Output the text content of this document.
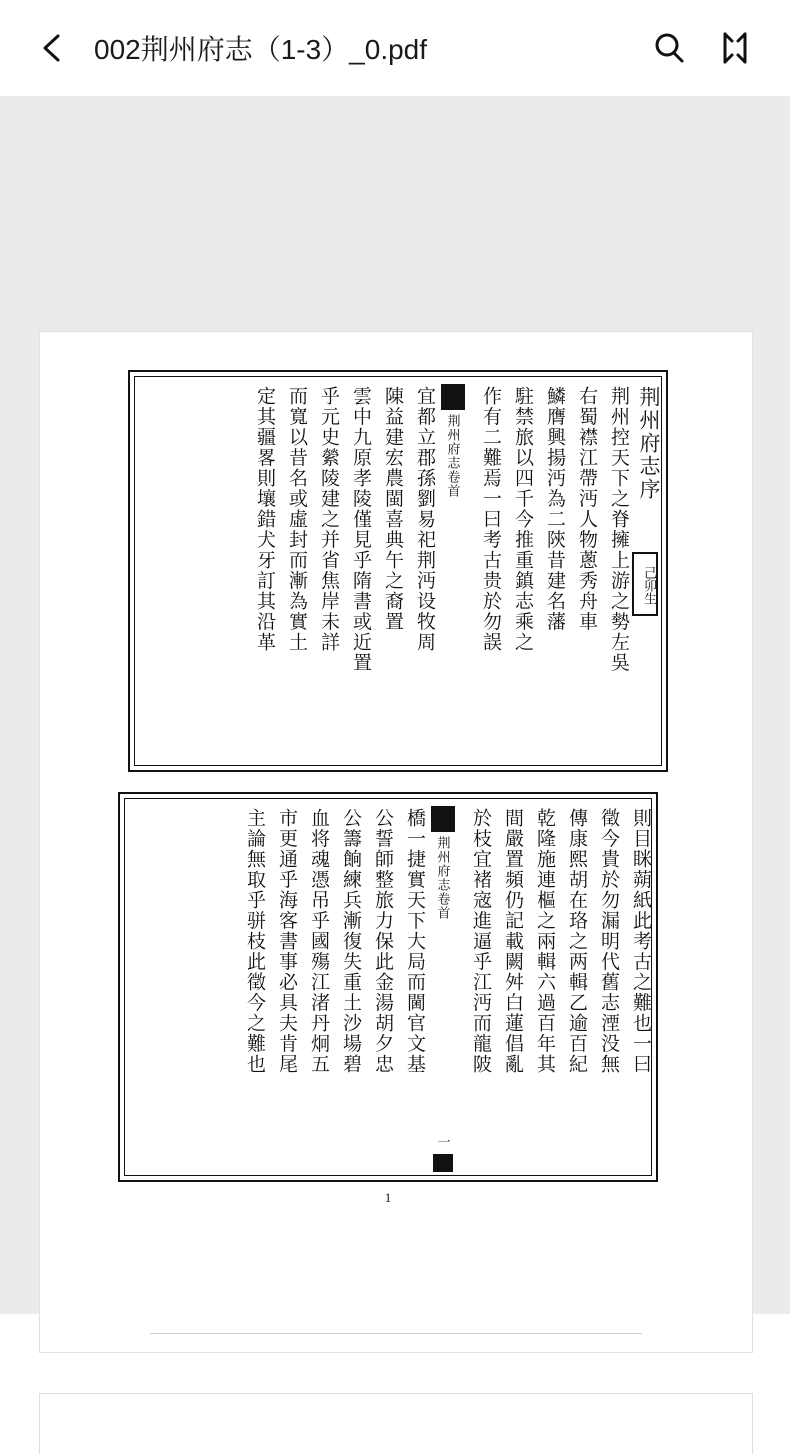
002荆州府志（1-3）_0.pdf
荆州府志序
荆州控天下之脊擁上游之勢左吳
右蜀襟江帶沔人物蔥秀舟車
鱗膺興揚沔為二陝昔建名藩
駐禁旅以四千今推重鎮志乘之
作有二難焉一曰考古贵於勿誤
荆州府志卷首
宜都立郡孫劉易祀荆沔设牧周
陳益建宏農閩喜典午之裔置
雲中九原孝陵僅見乎隋書或近置
乎元史縈陵建之并省焦岸未詳
而寬以昔名或虛封而漸為實土
定其疆畧則壤錯犬牙訂其沿革	己卯生
則目眯蒴紙此考古之難也一曰
徵今貴於勿漏明代舊志湮没無
傳康熙胡在珞之两輯乙逾百紀
乾隆施連樞之兩輯六過百年其
間嚴置頻仍記載闕舛白蓮倡亂
於枝宜褚宼進逼乎江沔而龍陂
荆州府志卷首
一
橋一捷實天下大局而閫官文基
公誓師整旅力保此金湯胡夕忠
公籌餉練兵漸復失重土沙場碧
血将魂憑吊乎國殤江渚丹炯五
市更通乎海客書事必具夫肯尾
主論無取乎骈枝此徵今之難也
1
